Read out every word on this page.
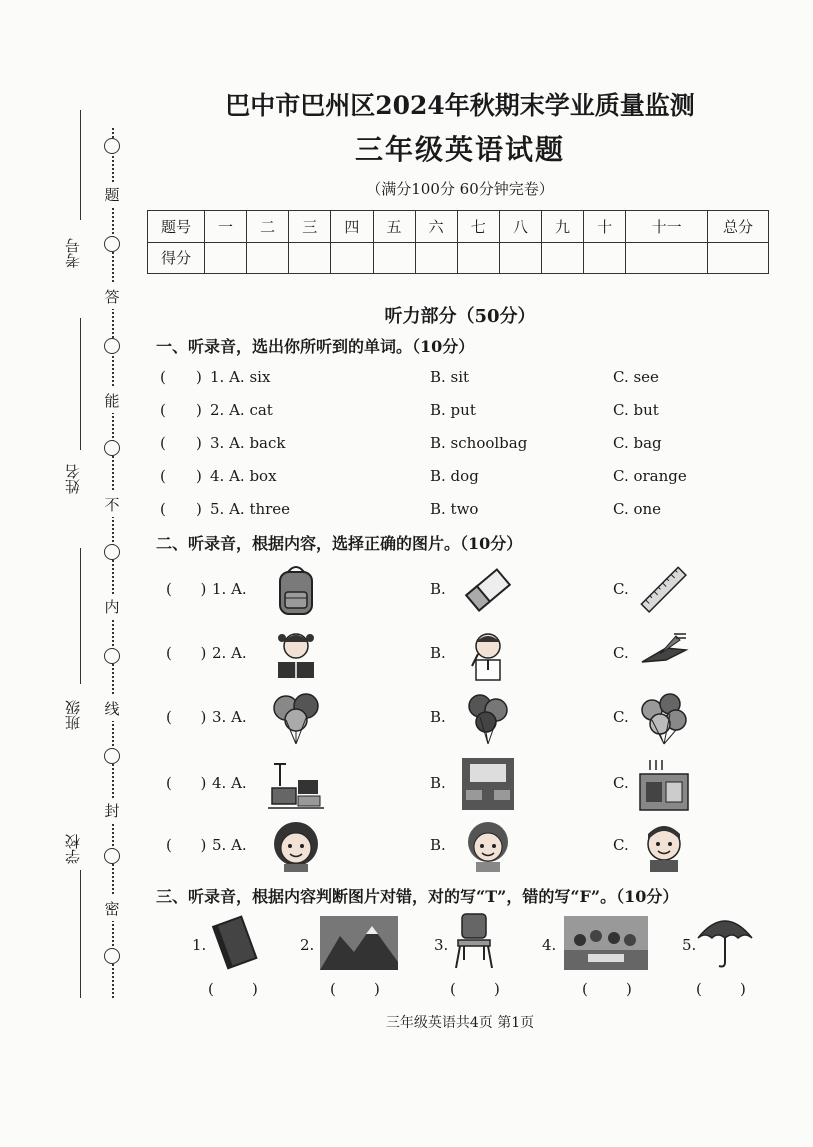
题
答
能
不
内
线
封
密
考号
姓名
班级
学校
巴中市巴州区2024年秋期末学业质量监测
三年级英语试题
（满分100分 60分钟完卷）
题号	一	二	三	四	五	六	七	八	九	十	十一	总分
得分												
听力部分（50分）
一、听录音，选出你所听到的单词。（10分）
( ) 1. A. six	B. sit	C. see
( ) 2. A. cat	B. put	C. but
( ) 3. A. back	B. schoolbag	C. bag
( ) 4. A. box	B. dog	C. orange
( ) 5. A. three	B. two	C. one
二、听录音，根据内容，选择正确的图片。（10分）
(      ) 1. A.	B.	C.
(      ) 2. A.	B.	C.
(      ) 3. A.	B.	C.
(      ) 4. A.	B.	C.
(      ) 5. A.	B.	C.
三、听录音，根据内容判断图片对错，对的写“T”，错的写“F”。（10分）
1.
(        )
2.
(        )
3.
(        )
4.
(        )
5.
(        )
三年级英语共4页 第1页
